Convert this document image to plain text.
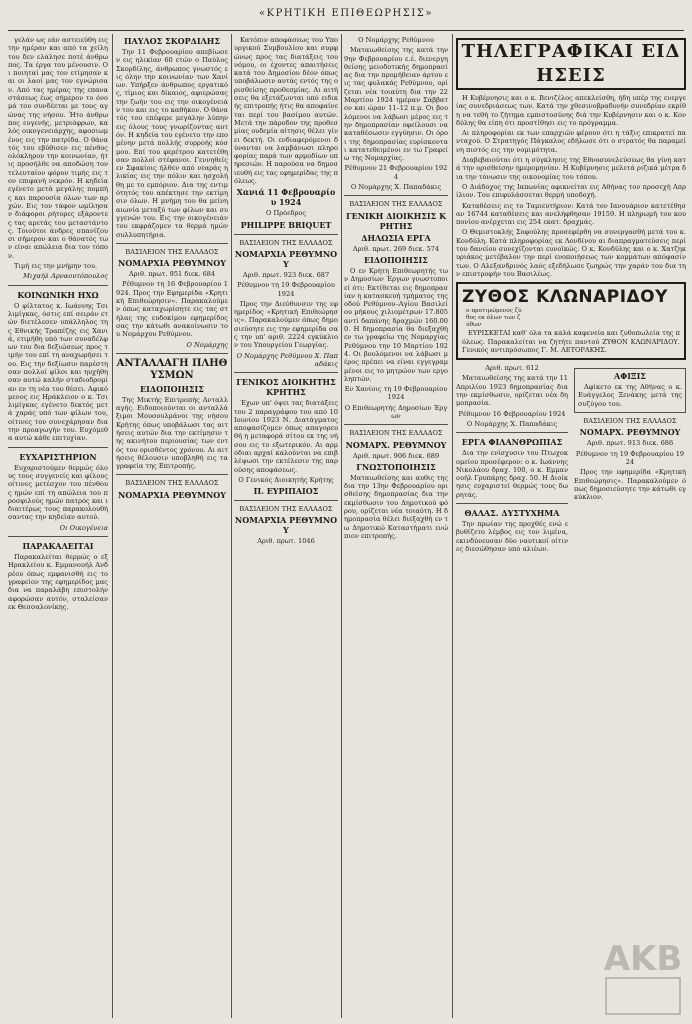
«ΚΡΗΤΙΚΗ ΕΠΙΘΕΩΡΗΣΙΣ»

γελάν ως εάν αστειεύθη εις την ημέραν και από τα χείλη του δεν ελάλησε ποτέ άνθρωπος. Τα έργα του μένουσιν. Οι ποιηταί μας τον ετίμησαν και οι λαοί μας τον εγνώρισαν. Από τας ημέρας της επαναστάσεως έως σήμερον το όνομά του συνδέεται με τους αγώνας της νήσου. Ήτο άνθρωπος ευγενής, μετριόφρων, καλός οικογενειάρχης, αφοσιωμένος εις την πατρίδα. Ο θάνατός του εβύθισεν εις πένθος ολόκληρον την κοινωνίαν, ήτις προσήλθε να αποδώση τον τελευταίον φόρον τιμής εις τον επιφανή νεκρόν. Η κηδεία εγένετο μετά μεγάλης πομπής και παρουσία όλων των αρχών. Εις τον τάφον ωμίλησαν διάφοροι ρήτορες εξάροντες τας αρετάς του μεταστάντος. Τοιούτοι άνδρες σπανίζουσι σήμερον και ο θάνατός των είναι απώλεια δια τον τόπον.

Τιμή εις την μνήμην του.

Μιχαήλ Αρναουτόπουλος

ΚΟΙΝΩΝΙΚΗ ΗΧΩ

Ο φίλτατος κ. Ιωάννης Τσιλιμίγκας, όστις επί σειράν ετών διετέλεσεν υπάλληλος της Εθνικής Τραπέζης εις Χανιά, ετιμήθη υπό των συναδέλφων του δια δεξιώσεως προς τιμήν του επί τη αναχωρήσει του. Εις την δεξίωσιν παρέστησαν πολλοί φίλοι και ηυχήθησαν αυτώ καλήν σταδιοδρομίαν εν τη νέα του θέσει. Αφικόμενος εις Ηράκλειον ο κ. Τσιλιμίγκας εγένετο δεκτός μετά χαράς υπό των φίλων του, οίτινες τον συνεχάρησαν δια την προαγωγήν του. Ευχόμεθα αυτώ κάθε επιτυχίαν.

ΕΥΧΑΡΙΣΤΗΡΙΟΝ

Ευχαριστούμεν θερμώς όλους τους συγγενείς και φίλους οίτινες μετέσχον του πένθους ημών επί τη απώλεια του προσφιλούς ημών πατρός και ιδιαιτέρως τους παρακολουθήσαντας την κηδείαν αυτού.

Οι Οικογένεια

ΠΑΡΑΚΑΛΕΙΤΑΙ

Παρακαλείται θερμώς ο εξ Ηρακλείου κ. Εμμανουήλ Ανδρέου όπως εμφανισθή εις το γραφείον της εφημερίδος μας δια να παραλάβη επιστολήν αφορώσαν αυτόν, σταλείσαν εκ Θεσσαλονίκης.

ΠΑΥΛΟΣ ΣΚΟΡΔΙΛΗΣ

Την 11 Φεβρουαρίου απεβίωσεν εις ηλικίαν 60 ετών ο Παύλος Σκορδίλης, άνθρωπος γνωστός εις όλην την κοινωνίαν των Χανίων. Υπήρξεν άνθρωπος εργατικός, τίμιος και δίκαιος, αφιερώσας την ζωήν του εις την οικογένειάν του και εις το καθήκον. Ο θάνατός του επέφερε μεγάλην λύπην εις όλους τους γνωρίζοντας αυτόν. Η κηδεία του εγένετο την επομένην μετά πολλής συρροής κόσμου. Επί του φερέτρου κατετέθησαν πολλοί στέφανοι. Γεννηθείς εν Σφακίοις ήλθεν από νεαράς ηλικίας εις την πόλιν και ησχολήθη με το εμπόριον. Δια της εντιμότητός του απέκτησε την εκτίμησιν όλων. Η μνήμη του θα μείνη αιωνία μεταξύ των φίλων και συγγενών του. Εις την οικογένειάν του εκφράζομεν τα θερμά ημών συλλυπητήρια.

ΒΑΣΙΛΕΙΟΝ ΤΗΣ ΕΛΛΑΔΟΣ

ΝΟΜΑΡΧΙΑ ΡΕΘΥΜΝΟΥ

Αριθ. πρωτ. 951 διεκ. 684

Ρέθυμνον τη 16 Φεβρουαρίου 1924. Προς την Εφημερίδα «Κρητική Επιθεώρησιν». Παρακαλούμεν όπως καταχωρίσητε εις τας στήλας της ευδοκίμου εφημερίδος σας την κάτωθι ανακοίνωσιν του Νομάρχου Ρεθύμνου.

Ο Νομάρχης

ΑΝΤΑΛΛΑΓΗ ΠΛΗΘΥΣΜΩΝ

ΕΙΔΟΠΟΙΗΣΙΣ

Της Μικτής Επιτροπής Ανταλλαγής. Ειδοποιούνται οι ανταλλάξιμοι Μουσουλμάνοι της νήσου Κρήτης όπως υποβάλωσι τας αιτήσεις αυτών δια την εκτίμησιν της ακινήτου περιουσίας των εντός του ορισθέντος χρόνου. Αι αιτήσεις θέλουσιν υποβληθή εις τα γραφεία της Επιτροπής.

ΒΑΣΙΛΕΙΟΝ ΤΗΣ ΕΛΛΑΔΟΣ

ΝΟΜΑΡΧΙΑ ΡΕΘΥΜΝΟΥ

Κατόπιν αποφάσεως του Υπουργικού Συμβουλίου και συμφώνως προς τας διατάξεις του νόμου, οι έχοντες απαιτήσεις κατά του Δημοσίου δέον όπως υποβάλωσιν αυτάς εντός της ορισθείσης προθεσμίας. Αι αιτήσεις θα εξετάζωνται υπό ειδικής επιτροπής ήτις θα αποφαίνεται περί του βασίμου αυτών. Μετά την πάροδον της προθεσμίας ουδεμία αίτησις θέλει γίνει δεκτή. Οι ενδιαφερόμενοι δύνανται να λαμβάνωσι πληροφορίας παρά των αρμοδίων υπηρεσιών. Η παρούσα να δημοσιευθή εις τας εφημερίδας της πόλεως.

Χανιά 11 Φεβρουαρίου 1924

Ο Πρόεδρος

PHILIPPE BRIQUET

ΒΑΣΙΛΕΙΟΝ ΤΗΣ ΕΛΛΑΔΟΣ

ΝΟΜΑΡΧΙΑ ΡΕΘΥΜΝΟΥ

Αριθ. πρωτ. 923 διεκ. 687

Ρέθυμνον τη 19 Φεβρουαρίου 1924

Προς την Διεύθυνσιν της εφημερίδος «Κρητική Επιθεώρησις». Παρακαλούμεν όπως δημοσιεύσητε εις την εφημερίδα σας την υπ' αριθ. 2224 εγκύκλιον του Υπουργείου Γεωργίας.

Ο Νομάρχης Ρεθύμνου Χ. Παπαδάκις

ΓΕΝΙΚΟΣ ΔΙΟΙΚΗΤΗΣ ΚΡΗΤΗΣ

Έχων υπ' όψει τας διατάξεις του 2 παραγράφου του από 10 Ιουνίου 1923 Ν. Διατάγματος αποφασίζομεν όπως απαγορευθή η μεταφορά σίτου εκ της νήσου εις το εξωτερικόν. Αι αρμόδιαι αρχαί καλούνται να επιβλέψωσι την εκτέλεσιν της παρούσης αποφάσεως.

Ο Γενικός Διοικητής Κρήτης

Π. ΕΥΡΙΠΑΙΟΣ

ΒΑΣΙΛΕΙΟΝ ΤΗΣ ΕΛΛΑΔΟΣ

ΝΟΜΑΡΧΙΑ ΡΕΘΥΜΝΟΥ

Αριθ. πρωτ. 1046

Ο Νομάρχης Ρεθύμνου

Ματαιωθείσης της κατά την 9ην Φεβρουαρίου ε.έ. διενεργηθείσης μειοδοτικής δημοπρασίας δια την προμήθειαν άρτου εις τας φυλακάς Ρεθύμνου, ορίζεται νέα τοιαύτη δια την 22 Μαρτίου 1924 ημέραν Σάββατον και ώραν 11–12 π.μ. Οι βουλόμενοι να λάβωσι μέρος εις την δημοπρασίαν οφείλουσι να καταθέσωσιν εγγύησιν. Οι όροι της δημοπρασίας ευρίσκονται κατατεθειμένοι εν τω Γραφείω της Νομαρχίας.

Ρέθυμνον 21 Φεβρουαρίου 1924

Ο Νομάρχης Χ. Παπαδάκις

ΒΑΣΙΛΕΙΟΝ ΤΗΣ ΕΛΛΑΔΟΣ

ΓΕΝΙΚΗ ΔΙΟΙΚΗΣΙΣ ΚΡΗΤΗΣ

ΔΗΛΩΣΙΑ ΕΡΓΑ

Αριθ. πρωτ. 269 διεκ. 574

ΕΙΔΟΠΟΙΗΣΙΣ

Ο εν Κρήτη Επιθεωρητής των Δημοσίων Έργων γνωστοποιεί ότι: Εκτίθεται εις δημοπρασίαν η κατασκευή τμήματος της οδού Ρεθύμνου–Αγίου Βασιλείου μήκους χιλιομέτρων 17.805 αντί δαπάνης δραχμών 160.000. Η δημοπρασία θα διεξαχθή εν τω γραφείω της Νομαρχίας Ρεθύμνου την 10 Μαρτίου 1924. Οι βουλόμενοι να λάβωσι μέρος πρέπει να είναι εγγεγραμμένοι εις το μητρώον των εργοληπτών.

Εν Χανίοις τη 19 Φεβρουαρίου 1924

Ο Επιθεωρητής Δημοσίων Έργων

ΒΑΣΙΛΕΙΟΝ ΤΗΣ ΕΛΛΑΔΟΣ

ΝΟΜΑΡΧ. ΡΕΘΥΜΝΟΥ

Αριθ. πρωτ. 906 διεκ. 689

ΓΝΩΣΤΟΠΟΙΗΣΙΣ

Ματαιωθείσης και αυθις της δια την 13ην Φεβρουαρίου ορισθείσης δημοπρασίας δια την εκμίσθωσιν του Δημοτικού φόρου, ορίζεται νέα τοιαύτη. Η δημοπρασία θέλει διεξαχθή εν τω Δημοτικώ Καταστήματι ενώπιον επιτροπής.

ΤΗΛΕΓΡΑΦΙΚΑΙ ΕΙΔΗΣΕΙΣ

Η Κυβέρνησις και ο κ. Βενιζέλος απεκλείσθη, ήδη υπέρ της ενεργείας συνεδριάσεως των. Κατά την χθεσινοβραδυνήν συνεδρίαν εκρίθη να τεθή το ζήτημα εμπιστοσύνης διά την Κυβέρνησιν και ο κ. Κονδύλης θα είπη ότι προστίθησι εις το πρόγραμμα.

Αι πληροφορίαι εκ των επαρχιών φέρουν ότι η τάξις επικρατεί πανταχού. Ο Στρατηγός Πάγκαλος εδήλωσε ότι ο στρατός θα παραμείνη πιστός εις την νομιμότητα.

Διαβεβαιούται ότι η σύγκλησις της Εθνοσυνελεύσεως θα γίνη κατά την ορισθείσην ημερομηνίαν. Η Κυβέρνησις μελετά ριζικά μέτρα δια την τόνωσιν της οικονομίας του τόπου.

Ο Διάδοχος της Ιαπωνίας αφικνείται εις Αθήνας τον προσεχή Απρίλιον. Του επιφυλάσσεται θερμή υποδοχή.

Καταθέσεις εις το Ταμιευτήριον: Κατά τον Ιανουάριον κατετέθησαν 16744 καταθέσεις και ανελήφθησαν 19159. Η πληρωμή του κουπονίου ανέρχεται εις 254 εκατ. δραχμάς.

Ο Θεμιστοκλής Σοφούλης προσεφέρθη να συνεργασθή μετά του κ. Κονδύλη. Κατά πληροφορίας εκ Λονδίνου αι διαπραγματεύσεις περί του δανείου συνεχίζονται ευνοϊκώς. Ο κ. Κονδύλης και ο κ. Χατζηκυριάκος μετέβαλον την περί ενοποιήσεως των κομμάτων απόφασίν των. Ο Αλεξανδρινός λαός εξεδήλωσε ζωηρώς την χαράν του δια την επιστροφήν του Βασιλέως.

ΖΥΘΟΣ ΚΛΩΝΑΡΙΔΟΥ ο προτιμώμενος ζύθος εκ όλων των ζύθων

ΕΥΡΙΣΚΕΤΑΙ καθ' όλα τα καλά καφενεία και ζυθοπωλεία της πόλεως. Παρακαλείται να ζητήτε παντού ΖΥΘΟΝ ΚΛΩΝΑΡΙΔΟΥ. Γενικός αντιπρόσωπος Γ. Μ. ΛΕΤΟΡΑΚΗΣ.

Αριθ. πρωτ. 612

Ματαιωθείσης της κατά την 11 Απριλίου 1923 δημοπρασίας δια την εκμίσθωσιν, ορίζεται νέα δημοπρασία.

Ρέθυμνον 16 Φεβρουαρίου 1924

Ο Νομάρχης Χ. Παπαδάκις

ΕΡΓΑ ΦΙΛΑΝΘΡΩΠΙΑΣ

Δια την ενίσχυσιν του Πτωχοκομείου προσέφερον: ο κ. Ιωάννης Νικολάου δραχ. 100, ο κ. Εμμανουήλ Γρυπάρης δραχ. 50. Η Διοίκησις ευχαριστεί θερμώς τους δωρητάς.

ΘΑΛΑΣ. ΔΥΣΤΥΧΗΜΑ

Την πρωίαν της προχθές ενώ εβυθίζετο λέμβος εις τον λιμένα, εκινδύνευσαν δύο ναυτικοί οίτινες διεσώθησαν υπό αλιέων.

ΑΦΙΞΙΣ

Αφίκετο εκ της Αθήνας ο κ. Ευάγγελος Ξενάκης μετά της συζύγου του.

ΒΑΣΙΛΕΙΟΝ ΤΗΣ ΕΛΛΑΔΟΣ

ΝΟΜΑΡΧ. ΡΕΘΥΜΝΟΥ

Αριθ. πρωτ. 913 διεκ. 686

Ρέθυμνον τη 19 Φεβρουαρίου 1924

Προς την εφημερίδα «Κρητική Επιθεώρησις». Παρακαλούμεν όπως δημοσιεύσητε την κάτωθι εγκύκλιον.

ΑΚΒ
